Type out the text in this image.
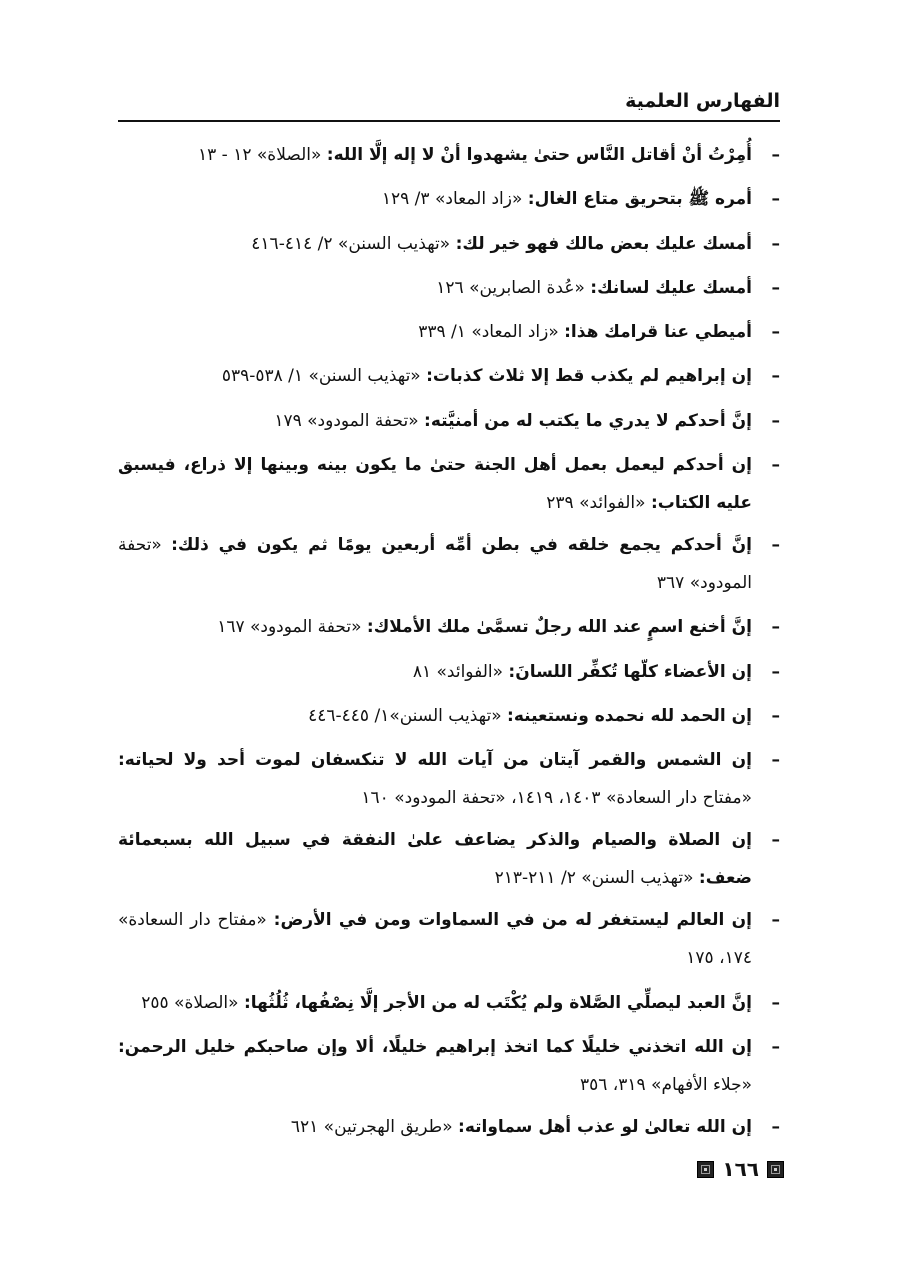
الفهارس العلمية
–
أُمِرْتُ أنْ أقاتل النَّاس حتىٰ يشهدوا أنْ لا إله إلَّا الله: «الصلاة» ١٢ - ١٣
–
أمره ﷺ بتحريق متاع الغال: «زاد المعاد» ٣/ ١٢٩
–
أمسك عليك بعض مالك فهو خير لك: «تهذيب السنن» ٢/ ٤١٤-٤١٦
–
أمسك عليك لسانك: «عُدة الصابرين» ١٢٦
–
أميطي عنا قرامك هذا: «زاد المعاد» ١/ ٣٣٩
–
إن إبراهيم لم يكذب قط إلا ثلاث كذبات: «تهذيب السنن» ١/ ٥٣٨-٥٣٩
–
إنَّ أحدكم لا يدري ما يكتب له من أمنيَّته: «تحفة المودود» ١٧٩
–
إن أحدكم ليعمل بعمل أهل الجنة حتىٰ ما يكون بينه وبينها إلا ذراع، فيسبق عليه الكتاب: «الفوائد» ٢٣٩
–
إنَّ أحدكم يجمع خلقه في بطن أمِّه أربعين يومًا ثم يكون في ذلك: «تحفة المودود» ٣٦٧
–
إنَّ أخنع اسمٍ عند الله رجلٌ تسمَّىٰ ملك الأملاك: «تحفة المودود» ١٦٧
–
إن الأعضاء كلّها تُكفِّر اللسانَ: «الفوائد» ٨١
–
إن الحمد لله نحمده ونستعينه: «تهذيب السنن»١/ ٤٤٥-٤٤٦
–
إن الشمس والقمر آيتان من آيات الله لا تنكسفان لموت أحد ولا لحياته: «مفتاح دار السعادة» ١٤٠٣، ١٤١٩، «تحفة المودود» ١٦٠
–
إن الصلاة والصيام والذكر يضاعف علىٰ النفقة في سبيل الله بسبعمائة ضعف: «تهذيب السنن» ٢/ ٢١١-٢١٣
–
إن العالم ليستغفر له من في السماوات ومن في الأرض: «مفتاح دار السعادة» ١٧٤، ١٧٥
–
إنَّ العبد ليصلِّي الصَّلاة ولم يُكْتَب له من الأجر إلَّا نِصْفُها، ثُلُثُها: «الصلاة» ٢٥٥
–
إن الله اتخذني خليلًا كما اتخذ إبراهيم خليلًا، ألا وإن صاحبكم خليل الرحمن: «جلاء الأفهام» ٣١٩، ٣٥٦
–
إن الله تعالىٰ لو عذب أهل سماواته: «طريق الهجرتين» ٦٢١
١٦٦
